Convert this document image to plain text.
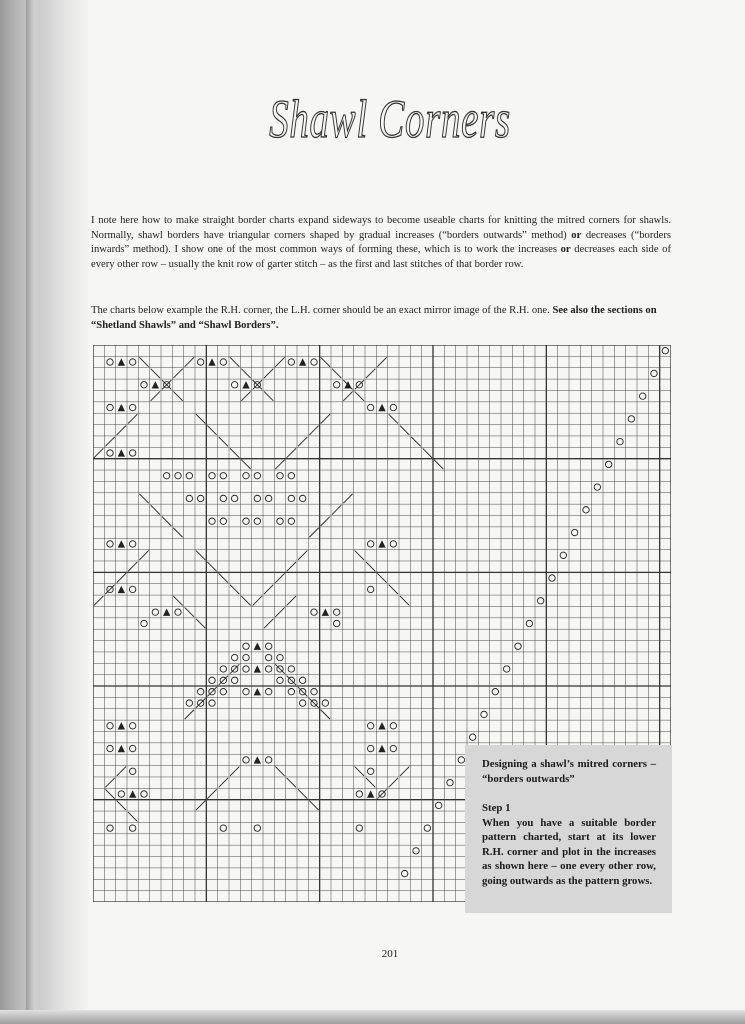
Shawl Corners

I note here how to make straight border charts expand sideways to become useable charts for knitting the mitred corners for shawls. Normally, shawl borders have triangular corners shaped by gradual increases (“borders outwards” method) or decreases (“borders inwards” method). I show one of the most common ways of forming these, which is to work the increases or decreases each side of every other row – usually the knit row of garter stitch – as the first and last stitches of that border row.

The charts below example the R.H. corner, the L.H. corner should be an exact mirror image of the R.H. one. See also the sections on “Shetland Shawls” and “Shawl Borders”.

Designing a shawl’s mitred corners – “borders outwards”

Step 1

When you have a suitable border pattern charted, start at its lower R.H. corner and plot in the increases as shown here – one every other row, going outwards as the pattern grows.

201
